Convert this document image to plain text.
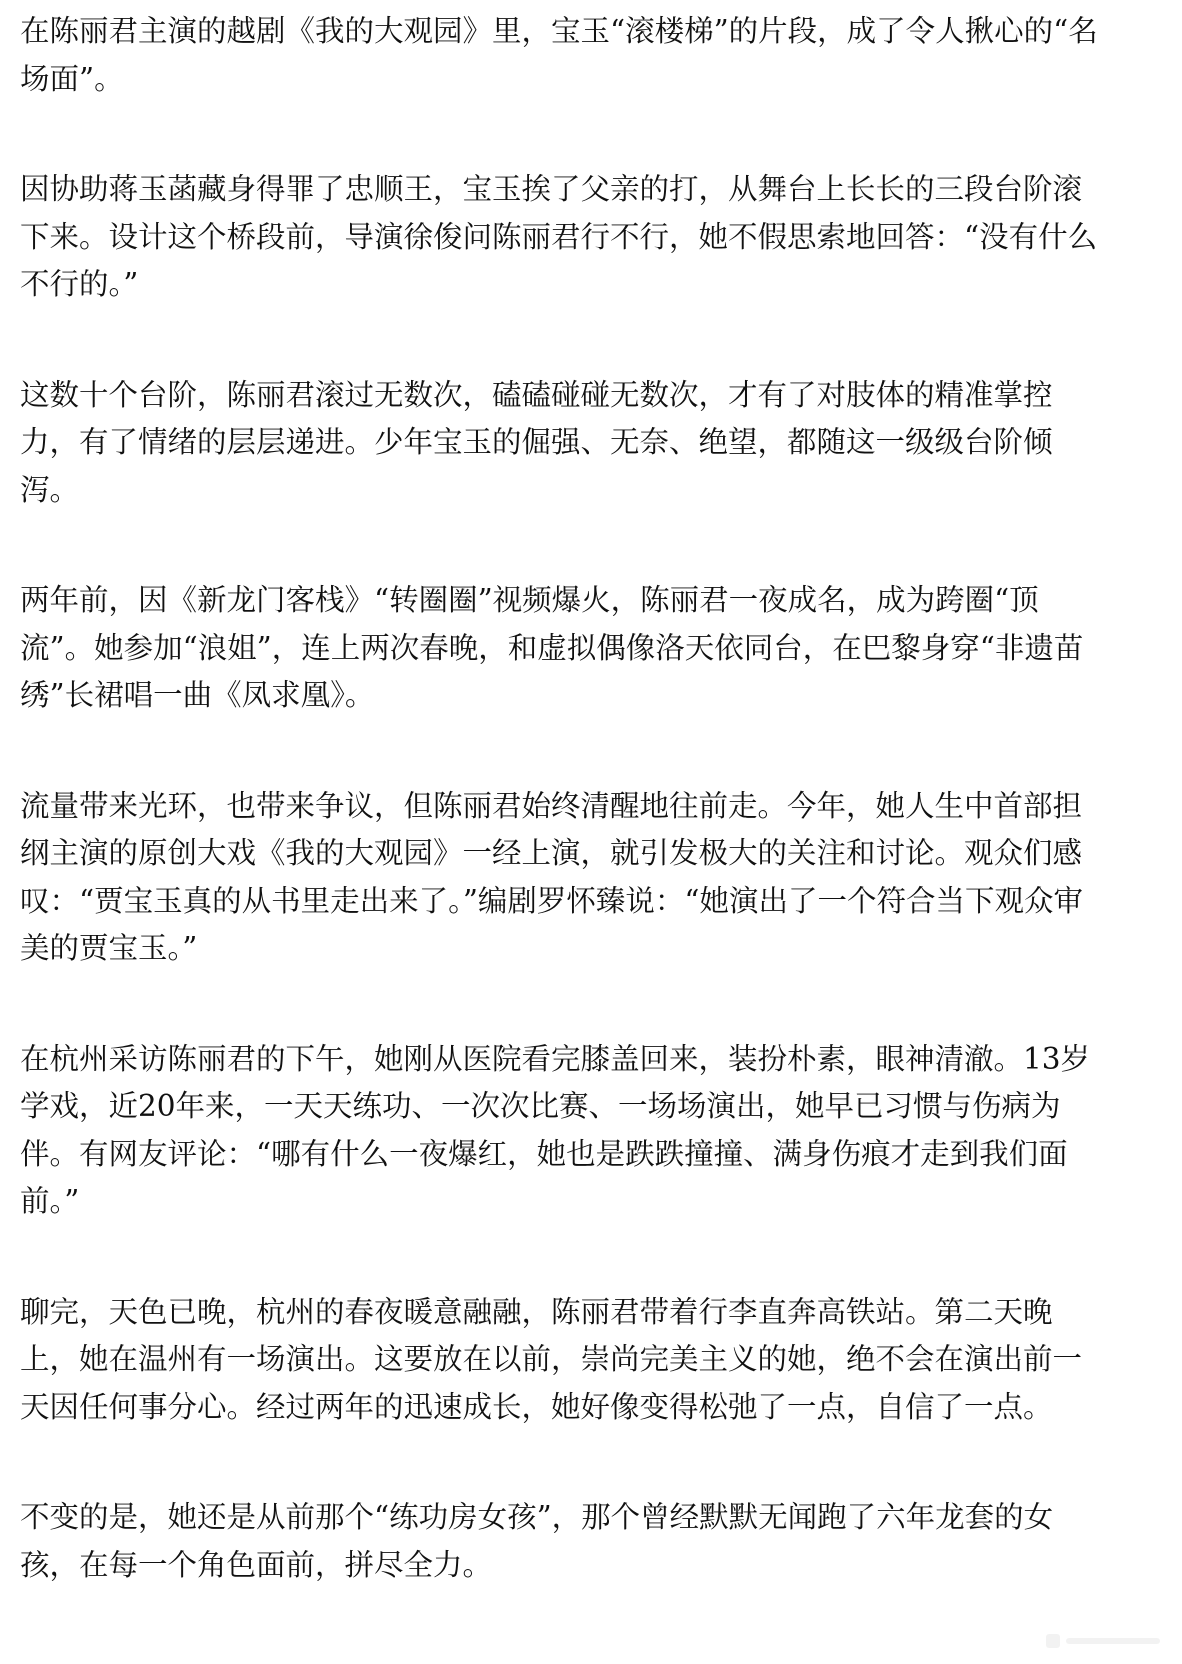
在陈丽君主演的越剧《我的大观园》里，宝玉“滚楼梯”的片段，成了令人揪心的“名场面”。

因协助蒋玉菡藏身得罪了忠顺王，宝玉挨了父亲的打，从舞台上长长的三段台阶滚下来。设计这个桥段前，导演徐俊问陈丽君行不行，她不假思索地回答：“没有什么不行的。”

这数十个台阶，陈丽君滚过无数次，磕磕碰碰无数次，才有了对肢体的精准掌控力，有了情绪的层层递进。少年宝玉的倔强、无奈、绝望，都随这一级级台阶倾泻。

两年前，因《新龙门客栈》“转圈圈”视频爆火，陈丽君一夜成名，成为跨圈“顶流”。她参加“浪姐”，连上两次春晚，和虚拟偶像洛天依同台，在巴黎身穿“非遗苗绣”长裙唱一曲《凤求凰》。

流量带来光环，也带来争议，但陈丽君始终清醒地往前走。今年，她人生中首部担纲主演的原创大戏《我的大观园》一经上演，就引发极大的关注和讨论。观众们感叹：“贾宝玉真的从书里走出来了。”编剧罗怀臻说：“她演出了一个符合当下观众审美的贾宝玉。”

在杭州采访陈丽君的下午，她刚从医院看完膝盖回来，装扮朴素，眼神清澈。13岁学戏，近20年来，一天天练功、一次次比赛、一场场演出，她早已习惯与伤病为伴。有网友评论：“哪有什么一夜爆红，她也是跌跌撞撞、满身伤痕才走到我们面前。”

聊完，天色已晚，杭州的春夜暖意融融，陈丽君带着行李直奔高铁站。第二天晚上，她在温州有一场演出。这要放在以前，崇尚完美主义的她，绝不会在演出前一天因任何事分心。经过两年的迅速成长，她好像变得松弛了一点，自信了一点。

不变的是，她还是从前那个“练功房女孩”，那个曾经默默无闻跑了六年龙套的女孩，在每一个角色面前，拼尽全力。
